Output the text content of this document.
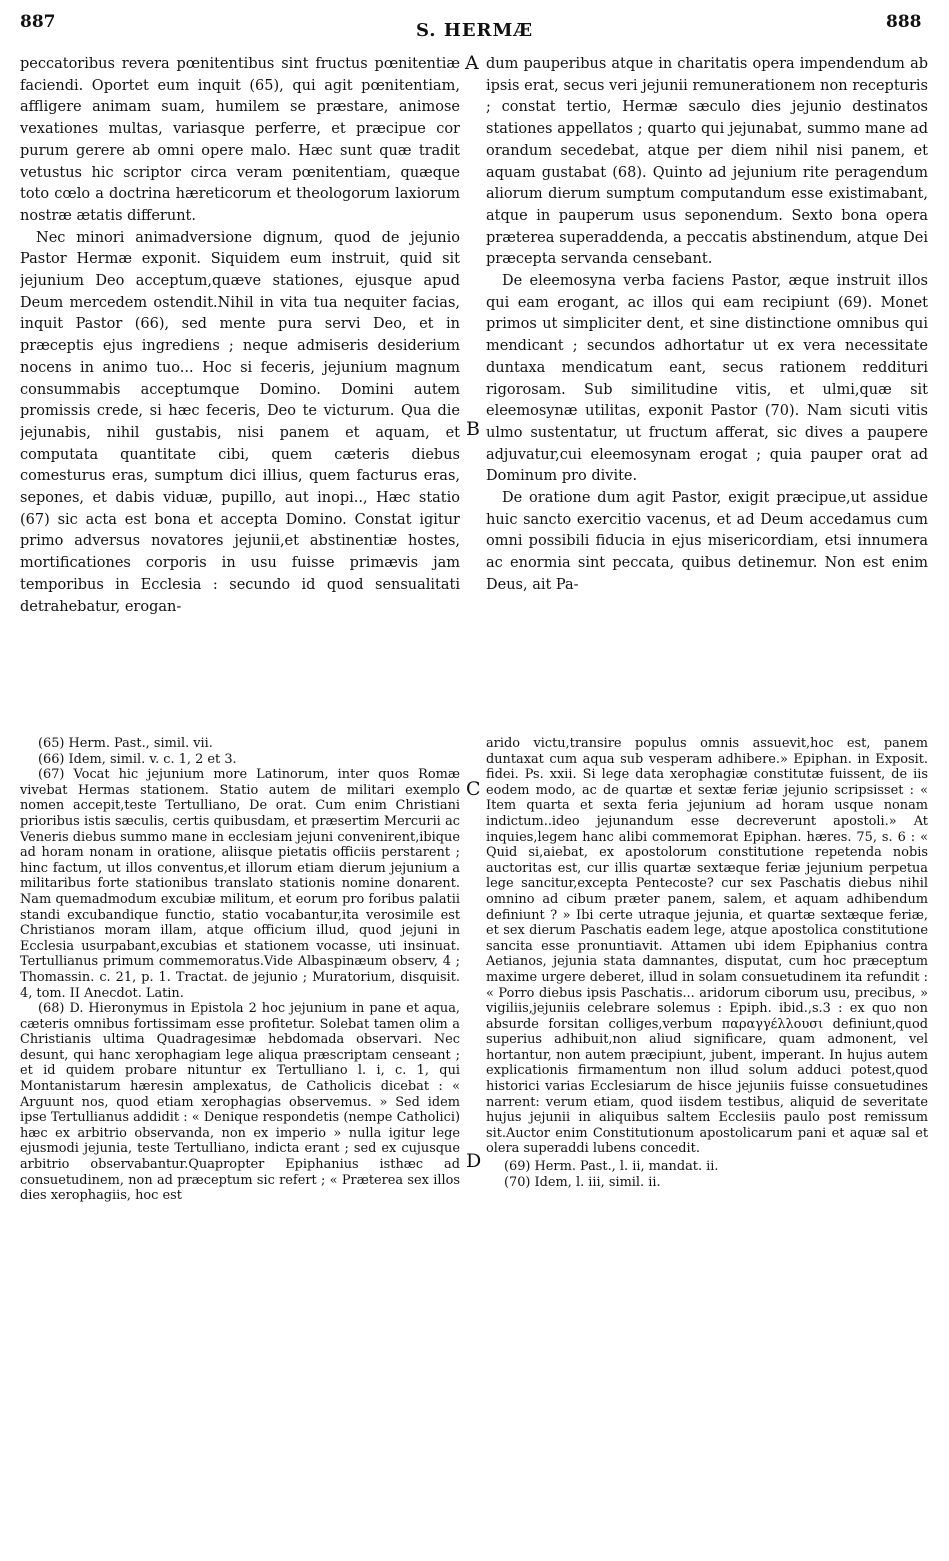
887	S. HERMÆ	888
A
B
C
D

peccatoribus revera pœnitentibus sint fructus pœnitentiæ faciendi. Oportet eum inquit (65), qui agit pœnitentiam, affligere animam suam, humilem se præstare, animose vexationes multas, variasque perferre, et præcipue cor purum gerere ab omni opere malo. Hæc sunt quæ tradit vetustus hic scriptor circa veram pœnitentiam, quæque toto cœlo a doctrina hæreticorum et theologorum laxiorum nostræ ætatis differunt.

Nec minori animadversione dignum, quod de jejunio Pastor Hermæ exponit. Siquidem eum instruit, quid sit jejunium Deo acceptum,quæve stationes, ejusque apud Deum mercedem ostendit.Nihil in vita tua nequiter facias, inquit Pastor (66), sed mente pura servi Deo, et in præceptis ejus ingrediens ; neque admiseris desiderium nocens in animo tuo... Hoc si feceris, jejunium magnum consummabis acceptumque Domino. Domini autem promissis crede, si hæc feceris, Deo te victurum. Qua die jejunabis, nihil gustabis, nisi panem et aquam, et computata quantitate cibi, quem cæteris diebus comesturus eras, sumptum dici illius, quem facturus eras, sepones, et dabis viduæ, pupillo, aut inopi.., Hæc statio (67) sic acta est bona et accepta Domino. Constat igitur primo adversus novatores jejunii,et abstinentiæ hostes, mortificationes corporis in usu fuisse primævis jam temporibus in Ecclesia : secundo id quod sensualitati detrahebatur, erogan-

dum pauperibus atque in charitatis opera impendendum ab ipsis erat, secus veri jejunii remunerationem non recepturis ; constat tertio, Hermæ sæculo dies jejunio destinatos stationes appellatos ; quarto qui jejunabat, summo mane ad orandum secedebat, atque per diem nihil nisi panem, et aquam gustabat (68). Quinto ad jejunium rite peragendum aliorum dierum sumptum computandum esse existimabant, atque in pauperum usus seponendum. Sexto bona opera præterea superaddenda, a peccatis abstinendum, atque Dei præcepta servanda censebant.

De eleemosyna verba faciens Pastor, æque instruit illos qui eam erogant, ac illos qui eam recipiunt (69). Monet primos ut simpliciter dent, et sine distinctione omnibus qui mendicant ; secundos adhortatur ut ex vera necessitate duntaxa mendicatum eant, secus rationem reddituri rigorosam. Sub similitudine vitis, et ulmi,quæ sit eleemosynæ utilitas, exponit Pastor (70). Nam sicuti vitis ulmo sustentatur, ut fructum afferat, sic dives a paupere adjuvatur,cui eleemosynam erogat ; quia pauper orat ad Dominum pro divite.

De oratione dum agit Pastor, exigit præcipue,ut assidue huic sancto exercitio vacenus, et ad Deum accedamus cum omni possibili fiducia in ejus misericordiam, etsi innumera ac enormia sint peccata, quibus detinemur. Non est enim Deus, ait Pa-

(65) Herm. Past., simil. vii.

(66) Idem, simil. v. c. 1, 2 et 3.

(67) Vocat hic jejunium more Latinorum, inter quos Romæ vivebat Hermas stationem. Statio autem de militari exemplo nomen accepit,teste Tertulliano, De orat. Cum enim Christiani prioribus istis sæculis, certis quibusdam, et præsertim Mercurii ac Veneris diebus summo mane in ecclesiam jejuni convenirent,ibique ad horam nonam in oratione, aliisque pietatis officiis perstarent ; hinc factum, ut illos conventus,et illorum etiam dierum jejunium a militaribus forte stationibus translato stationis nomine donarent. Nam quemadmodum excubiæ militum, et eorum pro foribus palatii standi excubandique functio, statio vocabantur,ita verosimile est Christianos moram illam, atque officium illud, quod jejuni in Ecclesia usurpabant,excubias et stationem vocasse, uti insinuat. Tertullianus primum commemoratus.Vide Albaspinæum observ, 4 ; Thomassin. c. 21, p. 1. Tractat. de jejunio ; Muratorium, disquisit. 4, tom. II Anecdot. Latin.

(68) D. Hieronymus in Epistola 2 hoc jejunium in pane et aqua, cæteris omnibus fortissimam esse profitetur. Solebat tamen olim a Christianis ultima Quadragesimæ hebdomada observari. Nec desunt, qui hanc xerophagiam lege aliqua præscriptam censeant ; et id quidem probare nituntur ex Tertulliano l. i, c. 1, qui Montanistarum hæresin amplexatus, de Catholicis dicebat : « Arguunt nos, quod etiam xerophagias observemus. » Sed idem ipse Tertullianus addidit : « Denique respondetis (nempe Catholici) hæc ex arbitrio observanda, non ex imperio » nulla igitur lege ejusmodi jejunia, teste Tertulliano, indicta erant ; sed ex cujusque arbitrio observabantur.Quapropter Epiphanius isthæc ad consuetudinem, non ad præceptum sic refert ; « Præterea sex illos dies xerophagiis, hoc est

arido victu,transire populus omnis assuevit,hoc est, panem duntaxat cum aqua sub vesperam adhibere.» Epiphan. in Exposit. fidei. Ps. xxii. Si lege data xerophagiæ constitutæ fuissent, de iis eodem modo, ac de quartæ et sextæ feriæ jejunio scripsisset : « Item quarta et sexta feria jejunium ad horam usque nonam indictum..ideo jejunandum esse decreverunt apostoli.» At inquies,legem hanc alibi commemorat Epiphan. hæres. 75, s. 6 : « Quid si,aiebat, ex apostolorum constitutione repetenda nobis auctoritas est, cur illis quartæ sextæque feriæ jejunium perpetua lege sancitur,excepta Pentecoste? cur sex Paschatis diebus nihil omnino ad cibum præter panem, salem, et aquam adhibendum definiunt ? » Ibi certe utraque jejunia, et quartæ sextæque feriæ, et sex dierum Paschatis eadem lege, atque apostolica constitutione sancita esse pronuntiavit. Attamen ubi idem Epiphanius contra Aetianos, jejunia stata damnantes, disputat, cum hoc præceptum maxime urgere deberet, illud in solam consuetudinem ita refundit : « Porro diebus ipsis Paschatis... aridorum ciborum usu, precibus, » vigiliis,jejuniis celebrare solemus : Epiph. ibid.,s.3 : ex quo non absurde forsitan colliges,verbum παραγγέλλουσι definiunt,quod superius adhibuit,non aliud significare, quam admonent, vel hortantur, non autem præcipiunt, jubent, imperant. In hujus autem explicationis firmamentum non illud solum adduci potest,quod historici varias Ecclesiarum de hisce jejuniis fuisse consuetudines narrent: verum etiam, quod iisdem testibus, aliquid de severitate hujus jejunii in aliquibus saltem Ecclesiis paulo post remissum sit.Auctor enim Constitutionum apostolicarum pani et aquæ sal et olera superaddi lubens concedit.

(69) Herm. Past., l. ii, mandat. ii.

(70) Idem, l. iii, simil. ii.
